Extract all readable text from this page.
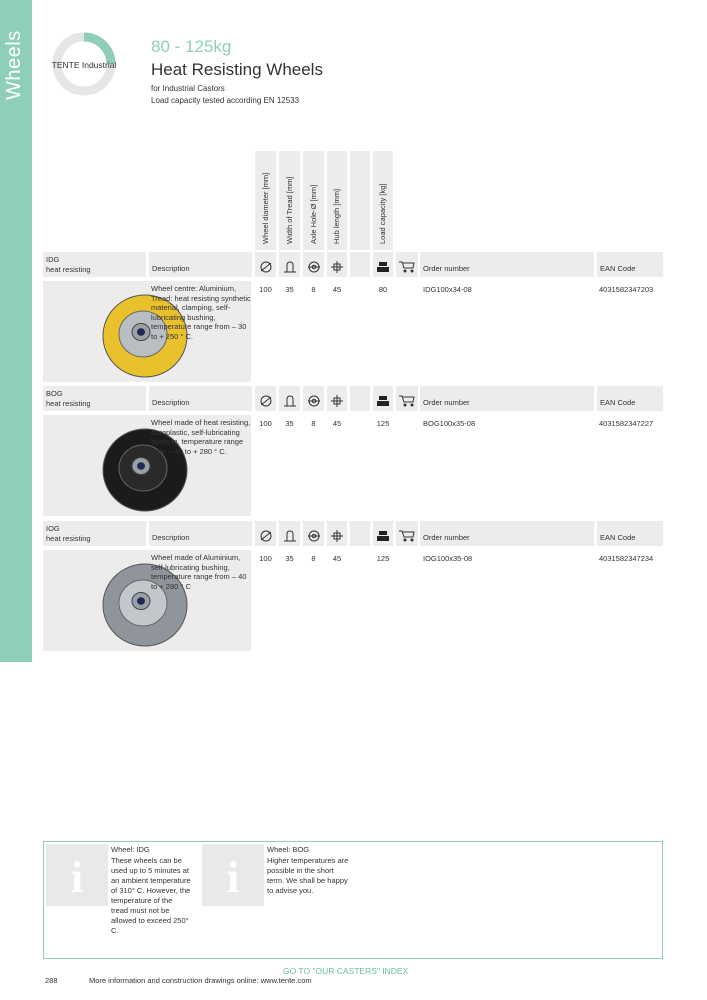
Wheels	TENTE Industrial
80 - 125kg
Heat Resisting Wheels
for Industrial Castors
Load capacity tested according EN 12533
Wheel diameter [mm] Width of Tread [mm] Axle Hole-Ø [mm] Hub length [mm]	Load capacity [kg]
IDG
heat resisting	Description	Order number	EAN Code
Wheel centre: Aluminium, Tread: heat resisting synthetic material, clamping, self-lubricating bushing, temperature range from – 30 to + 250 ° C.
100	35	8	45	80	IDG100x34-08	4031582347203
BOG
heat resisting	Description	Order number	EAN Code
Wheel made of heat resisting, duroplastic, self-lubricating bushing, temperature range from – 40 to + 280 ° C.
100	35	8	45	125	BOG100x35-08	4031582347227
IOG
heat resisting	Description	Order number	EAN Code
Wheel made of Aluminium, self-lubricating bushing, temperature range from – 40 to + 280 ° C
100	35	8	45	125	IOG100x35-08	4031582347234
i
Wheel: IDG
These wheels can be
used up to 5 minutes at
an ambient temperature
of 310° C. However, the
temperature of the
tread must not be
allowed to exceed 250°
C.
i
Wheel: BOG
Higher temperatures are
possible in the short
term. We shall be happy
to advise you.
GO TO "OUR CASTERS" INDEX
288	More information and construction drawings online: www.tente.com
